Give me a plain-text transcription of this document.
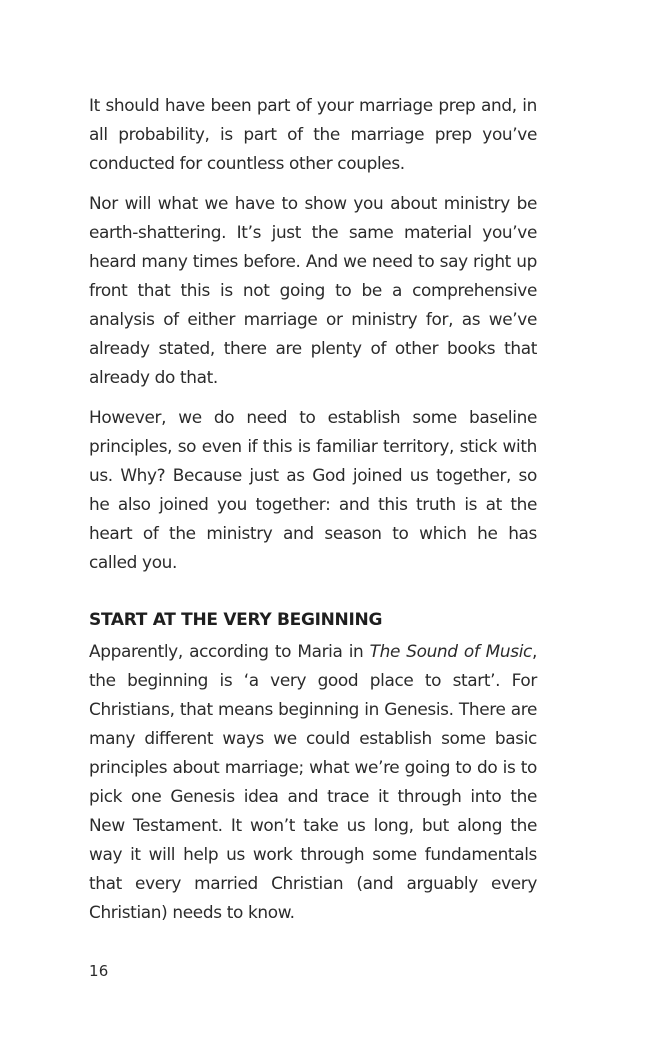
It should have been part of your marriage prep and, in all probability, is part of the marriage prep you’ve conducted for countless other couples.

Nor will what we have to show you about ministry be earth-shattering. It’s just the same material you’ve heard many times before. And we need to say right up front that this is not going to be a comprehensive analysis of either marriage or ministry for, as we’ve already stated, there are plenty of other books that already do that.

However, we do need to establish some baseline principles, so even if this is familiar territory, stick with us. Why? Because just as God joined us together, so he also joined you together: and this truth is at the heart of the ministry and season to which he has called you.

START AT THE VERY BEGINNING

Apparently, according to Maria in The Sound of Music, the beginning is ‘a very good place to start’. For Christians, that means beginning in Genesis. There are many different ways we could establish some basic principles about marriage; what we’re going to do is to pick one Genesis idea and trace it through into the New Testament. It won’t take us long, but along the way it will help us work through some fundamentals that every married Christian (and arguably every Christian) needs to know.

16
